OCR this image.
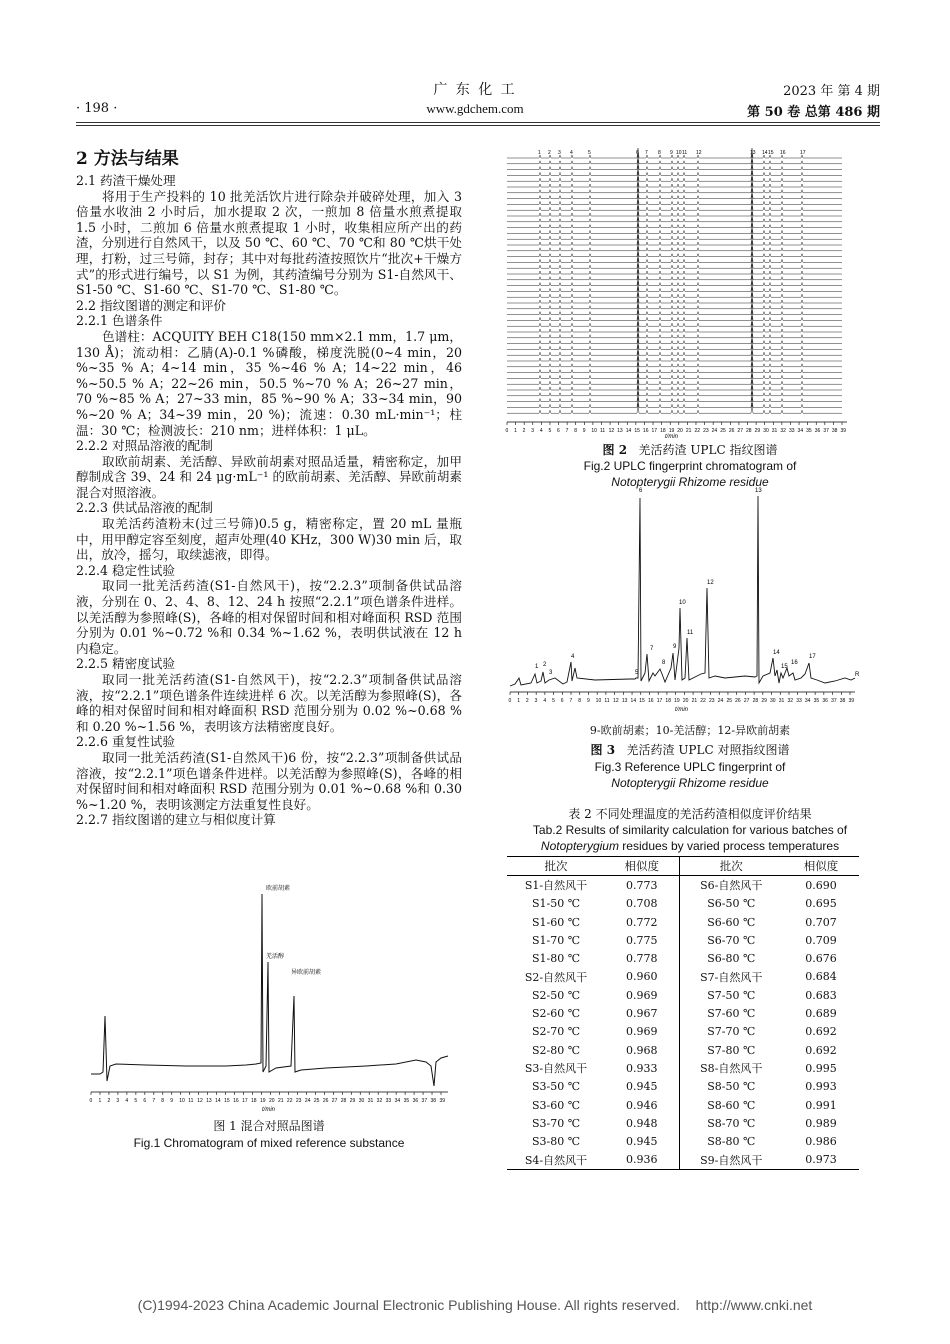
广 东 化 工	2023 年 第 4 期
· 198 ·	www.gdchem.com	第 50 卷 总第 486 期
2 方法与结果
2.1 药渣干燥处理
将用于生产投料的 10 批羌活饮片进行除杂并破碎处理，加入 3 倍量水收油 2 小时后，加水提取 2 次，一煎加 8 倍量水煎煮提取 1.5 小时，二煎加 6 倍量水煎煮提取 1 小时，收集相应所产出的药渣，分别进行自然风干，以及 50 ℃、60 ℃、70 ℃和 80 ℃烘干处理，打粉，过三号筛，封存；其中对每批药渣按照饮片“批次+干燥方式”的形式进行编号，以 S1 为例，其药渣编号分别为 S1-自然风干、S1-50 ℃、S1-60 ℃、S1-70 ℃、S1-80 ℃。
2.2 指纹图谱的测定和评价
2.2.1 色谱条件
色谱柱：ACQUITY BEH C18(150 mm×2.1 mm，1.7 μm，130 Å)；流动相：乙腈(A)-0.1 %磷酸，梯度洗脱(0~4 min，20 %~35 % A；4~14 min，35 %~46 % A；14~22 min，46 %~50.5 % A；22~26 min，50.5 %~70 % A；26~27 min，70 %~85 % A；27~33 min，85 %~90 % A；33~34 min，90 %~20 % A；34~39 min，20 %)；流速：0.30 mL·min⁻¹；柱温：30 ℃；检测波长：210 nm；进样体积：1 μL。
2.2.2 对照品溶液的配制
取欧前胡素、羌活醇、异欧前胡素对照品适量，精密称定，加甲醇制成含 39、24 和 24 μg·mL⁻¹ 的欧前胡素、羌活醇、异欧前胡素混合对照溶液。
2.2.3 供试品溶液的配制
取羌活药渣粉末(过三号筛)0.5 g，精密称定，置 20 mL 量瓶中，用甲醇定容至刻度，超声处理(40 KHz，300 W)30 min 后，取出，放冷，摇匀，取续滤液，即得。
2.2.4 稳定性试验
取同一批羌活药渣(S1-自然风干)，按“2.2.3”项制备供试品溶液，分别在 0、2、4、8、12、24 h 按照“2.2.1”项色谱条件进样。以羌活醇为参照峰(S)，各峰的相对保留时间和相对峰面积 RSD 范围分别为 0.01 %~0.72 %和 0.34 %~1.62 %，表明供试液在 12 h 内稳定。
2.2.5 精密度试验
取同一批羌活药渣(S1-自然风干)，按“2.2.3”项制备供试品溶液，按“2.2.1”项色谱条件连续进样 6 次。以羌活醇为参照峰(S)，各峰的相对保留时间和相对峰面积 RSD 范围分别为 0.02 %~0.68 %和 0.20 %~1.56 %，表明该方法精密度良好。
2.2.6 重复性试验
取同一批羌活药渣(S1-自然风干)6 份，按“2.2.3”项制备供试品溶液，按“2.2.1”项色谱条件进样。以羌活醇为参照峰(S)，各峰的相对保留时间和相对峰面积 RSD 范围分别为 0.01 %~0.68 %和 0.30 %~1.20 %，表明该测定方法重复性良好。
2.2.7 指纹图谱的建立与相似度计算
0 1 2 3 4 5 6 7 8 9 10 11 12 13 14 15 16 17 18 19 20 21 22 23 24 25 26 27 28 29 30 31 32 33 34 35 36 37 38 39
欧前胡素
羌活醇
异欧前胡素
t/min
图 1 混合对照品图谱
Fig.1 Chromatogram of mixed reference substance
1 2 3 4	5	6 7 8 9 10 11 12	13 14 15 16	17
0 1 2 3 4 5 6 7 8 9 10 11 12 13 14 15 16 17 18 19 20 21 22 23 24 25 26 27 28 29 30 31 32 33 34 35 36 37 38 39
t/min
图 2 羌活药渣 UPLC 指纹图谱
Fig.2 UPLC fingerprint chromatogram of
Notopterygii Rhizome residue
0 1 2 3 4 5 6 7 8 9 10 11 12 13 14 15 16 17 18 19 20 21 22 23 24 25 26 27 28 29 30 31 32 33 34 35 36 37 38 39
1 2
3
4
5
6
7
8
9
10
11
12
13
14
15
16
17
R
t/min
9-欧前胡素；10-羌活醇；12-异欧前胡素
图 3 羌活药渣 UPLC 对照指纹图谱
Fig.3 Reference UPLC fingerprint of
Notopterygii Rhizome residue
表 2 不同处理温度的羌活药渣相似度评价结果
Tab.2 Results of similarity calculation for various batches of
Notopterygium residues by varied process temperatures
批次	相似度	批次	相似度
S1-自然风干	0.773	S6-自然风干	0.690
S1-50 ℃	0.708	S6-50 ℃	0.695
S1-60 ℃	0.772	S6-60 ℃	0.707
S1-70 ℃	0.775	S6-70 ℃	0.709
S1-80 ℃	0.778	S6-80 ℃	0.676
S2-自然风干	0.960	S7-自然风干	0.684
S2-50 ℃	0.969	S7-50 ℃	0.683
S2-60 ℃	0.967	S7-60 ℃	0.689
S2-70 ℃	0.969	S7-70 ℃	0.692
S2-80 ℃	0.968	S7-80 ℃	0.692
S3-自然风干	0.933	S8-自然风干	0.995
S3-50 ℃	0.945	S8-50 ℃	0.993
S3-60 ℃	0.946	S8-60 ℃	0.991
S3-70 ℃	0.948	S8-70 ℃	0.989
S3-80 ℃	0.945	S8-80 ℃	0.986
S4-自然风干	0.936	S9-自然风干	0.973
(C)1994-2023 China Academic Journal Electronic Publishing House. All rights reserved.    http://www.cnki.net
